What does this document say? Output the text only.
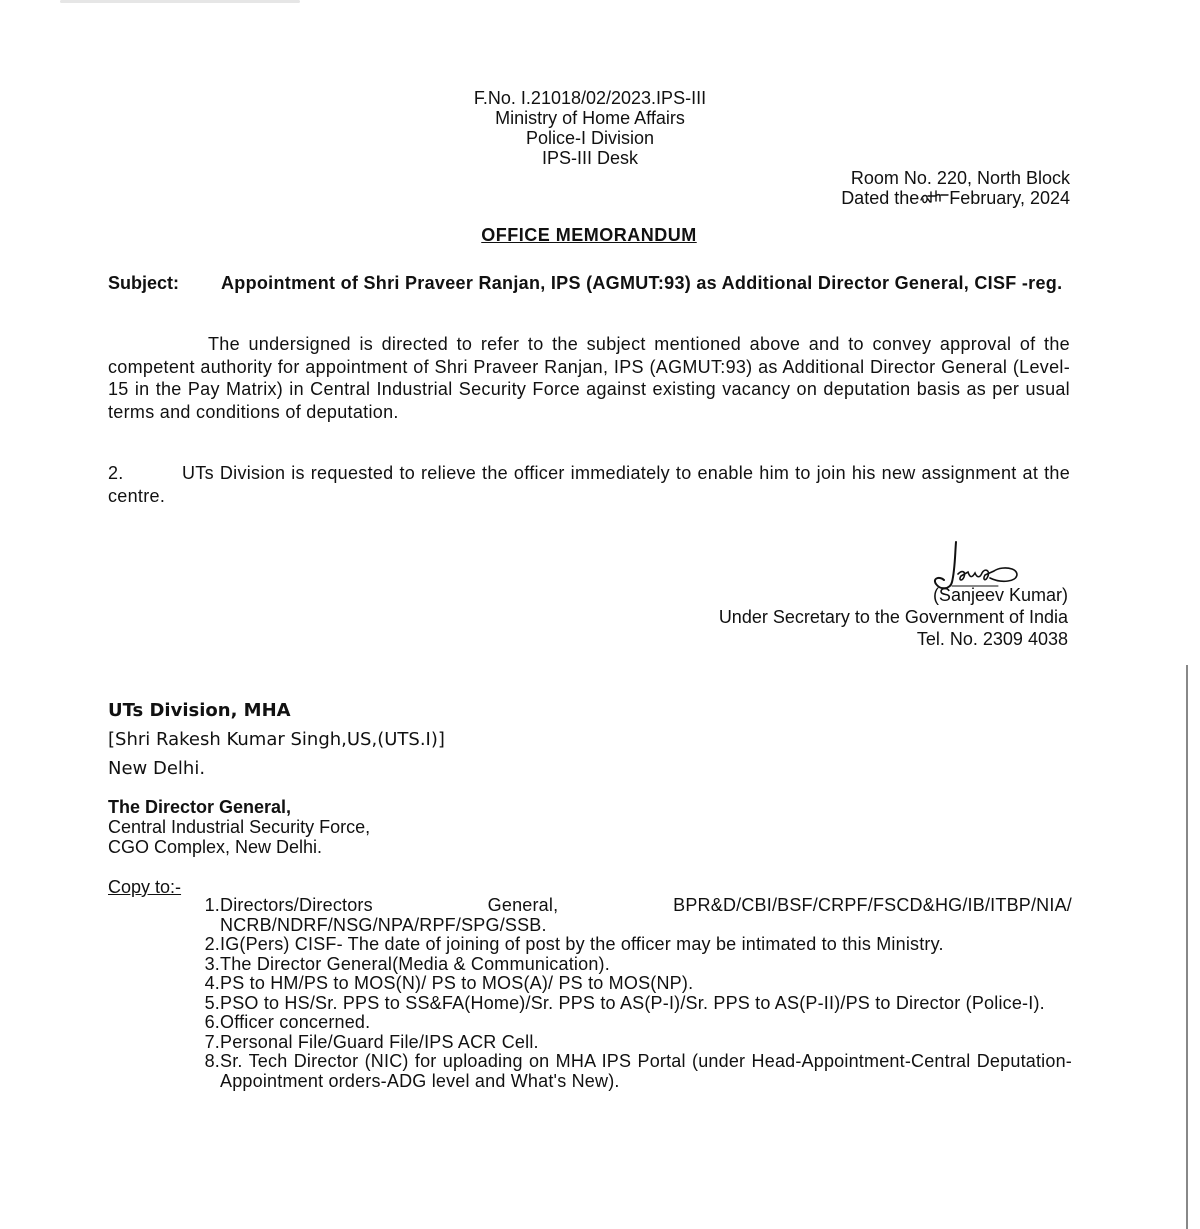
F.No. I.21018/02/2023.IPS-III
Ministry of Home Affairs
Police-I Division
IPS-III Desk
Room No. 220, North Block
Dated the February, 2024
OFFICE MEMORANDUM
Subject:	Appointment of Shri Praveer Ranjan, IPS (AGMUT:93) as Additional Director General, CISF -reg.
The undersigned is directed to refer to the subject mentioned above and to convey approval of the competent authority for appointment of Shri Praveer Ranjan, IPS (AGMUT:93) as Additional Director General (Level-15 in the Pay Matrix) in Central Industrial Security Force against existing vacancy on deputation basis as per usual terms and conditions of deputation.
2.	UTs Division is requested to relieve the officer immediately to enable him to join his new assignment at the centre.
(Sanjeev Kumar)
Under Secretary to the Government of India
Tel. No. 2309 4038
UTs Division, MHA
[Shri Rakesh Kumar Singh,US,(UTS.I)]
New Delhi.
The Director General,
Central Industrial Security Force,
CGO Complex, New Delhi.
Copy to:-
1. Directors/Directors General, BPR&D/CBI/BSF/CRPF/FSCD&HG/IB/ITBP/NIA/ NCRB/NDRF/NSG/NPA/RPF/SPG/SSB.
2. IG(Pers) CISF- The date of joining of post by the officer may be intimated to this Ministry.
3. The Director General(Media & Communication).
4. PS to HM/PS to MOS(N)/ PS to MOS(A)/ PS to MOS(NP).
5. PSO to HS/Sr. PPS to SS&FA(Home)/Sr. PPS to AS(P-I)/Sr. PPS to AS(P-II)/PS to Director (Police-I).
6. Officer concerned.
7. Personal File/Guard File/IPS ACR Cell.
8. Sr. Tech Director (NIC) for uploading on MHA IPS Portal (under Head-Appointment-Central Deputation-Appointment orders-ADG level and What's New).
